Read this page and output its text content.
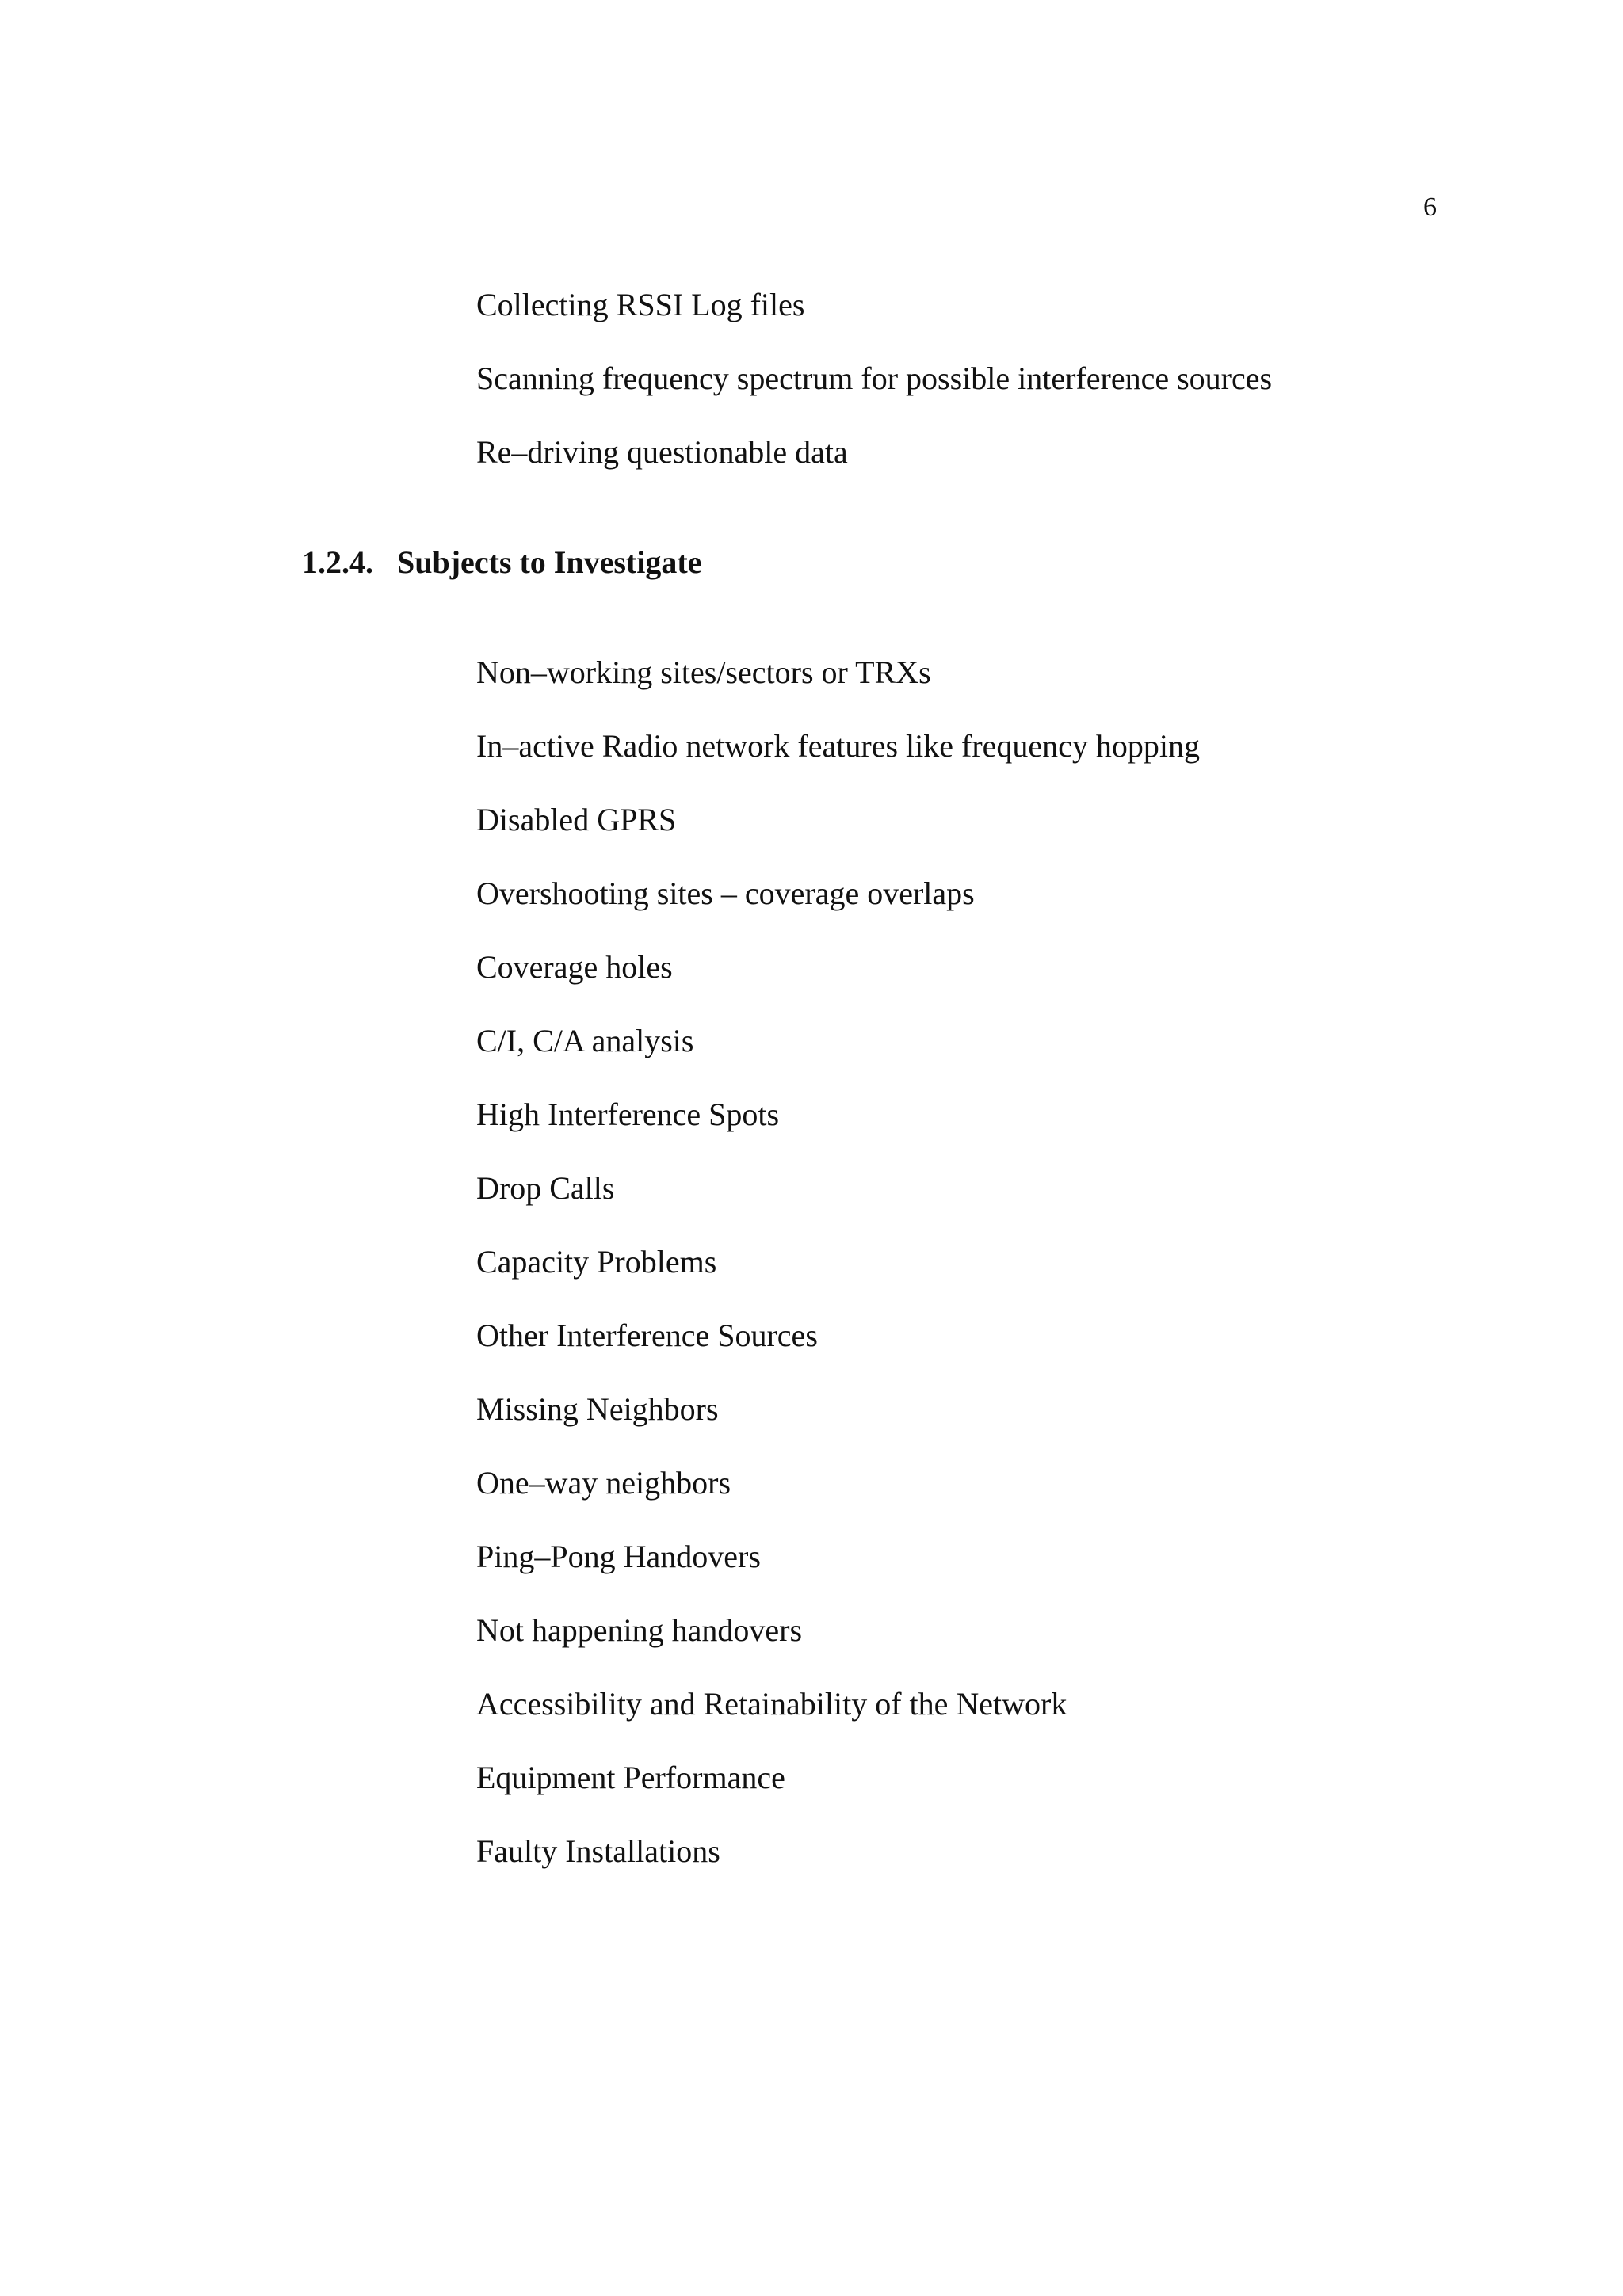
6
Collecting RSSI Log files
Scanning frequency spectrum for possible interference sources
Re–driving questionable data
1.2.4. Subjects to Investigate
Non–working sites/sectors or TRXs
In–active Radio network features like frequency hopping
Disabled GPRS
Overshooting sites – coverage overlaps
Coverage holes
C/I, C/A analysis
High Interference Spots
Drop Calls
Capacity Problems
Other Interference Sources
Missing Neighbors
One–way neighbors
Ping–Pong Handovers
Not happening handovers
Accessibility and Retainability of the Network
Equipment Performance
Faulty Installations
